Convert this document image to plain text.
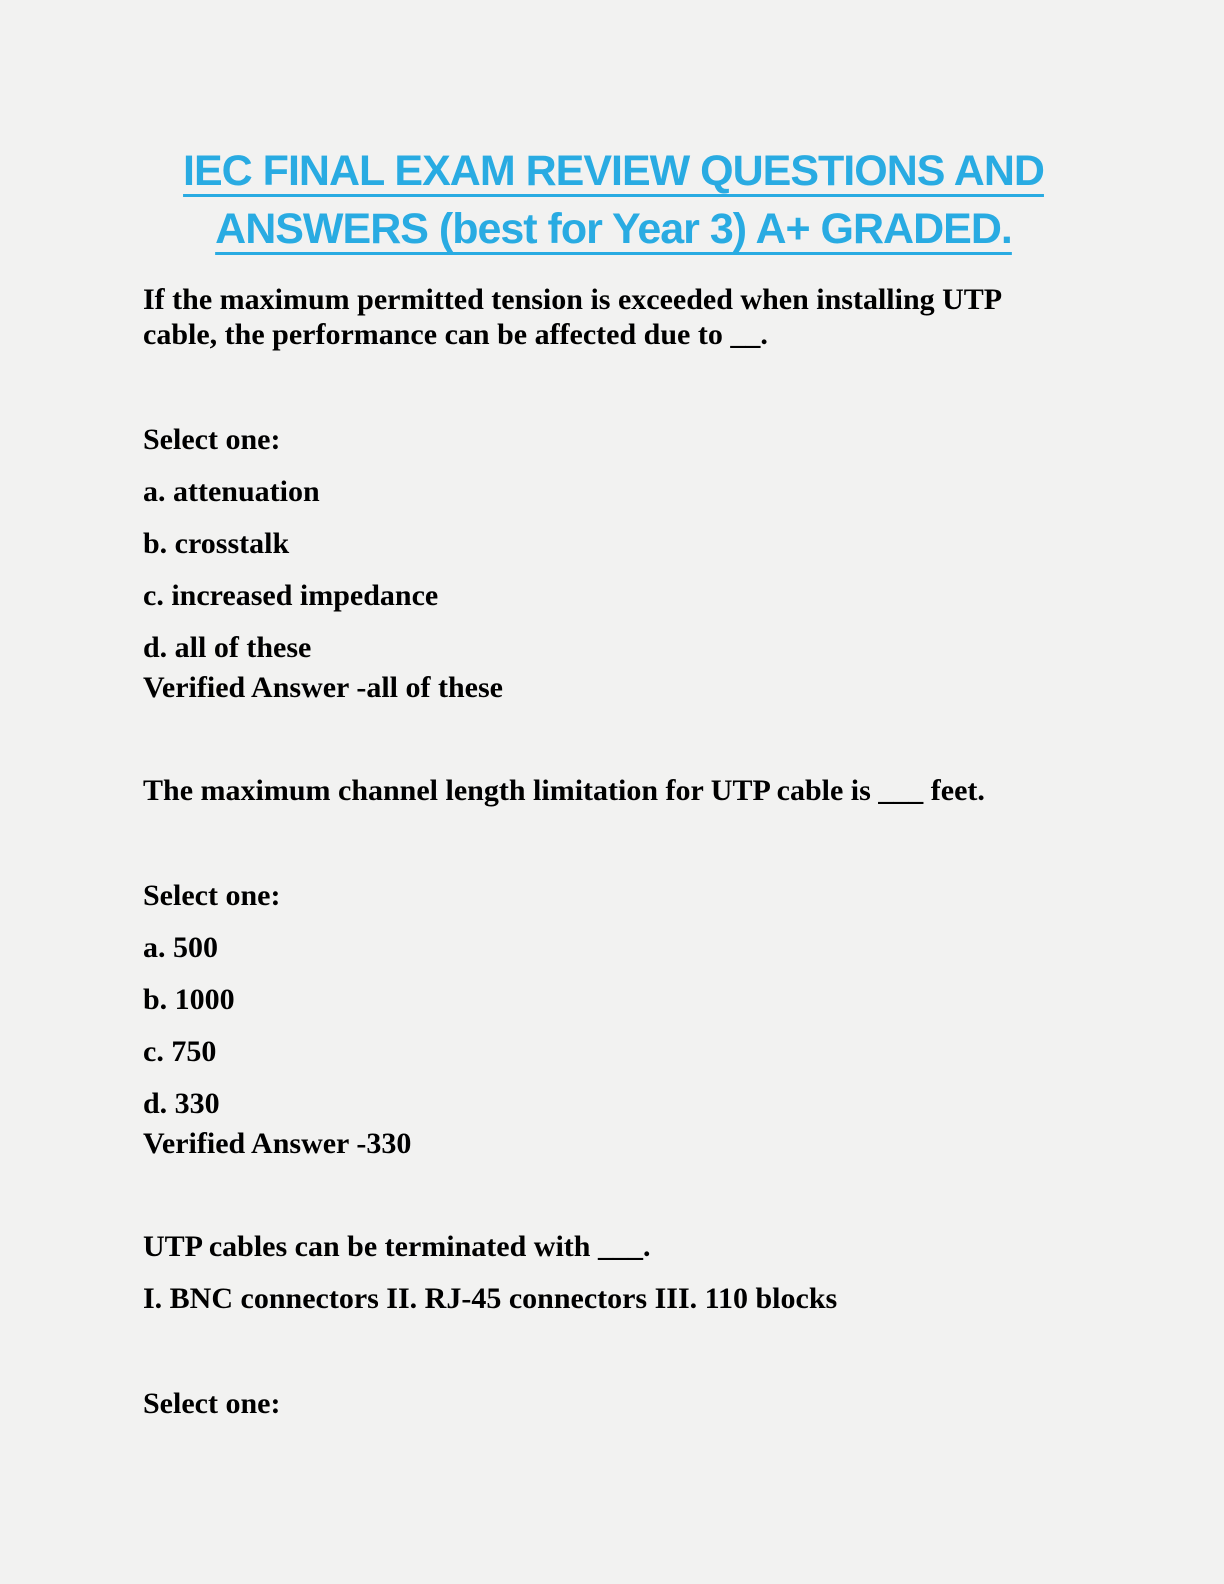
IEC FINAL EXAM REVIEW QUESTIONS AND
ANSWERS (best for Year 3) A+ GRADED.

If the maximum permitted tension is exceeded when installing UTP cable, the performance can be affected due to __.

Select one:

a. attenuation

b. crosstalk

c. increased impedance

d. all of these

Verified Answer -all of these

The maximum channel length limitation for UTP cable is ___ feet.

Select one:

a. 500

b. 1000

c. 750

d. 330

Verified Answer -330

UTP cables can be terminated with ___.

I. BNC connectors II. RJ-45 connectors III. 110 blocks

Select one:
